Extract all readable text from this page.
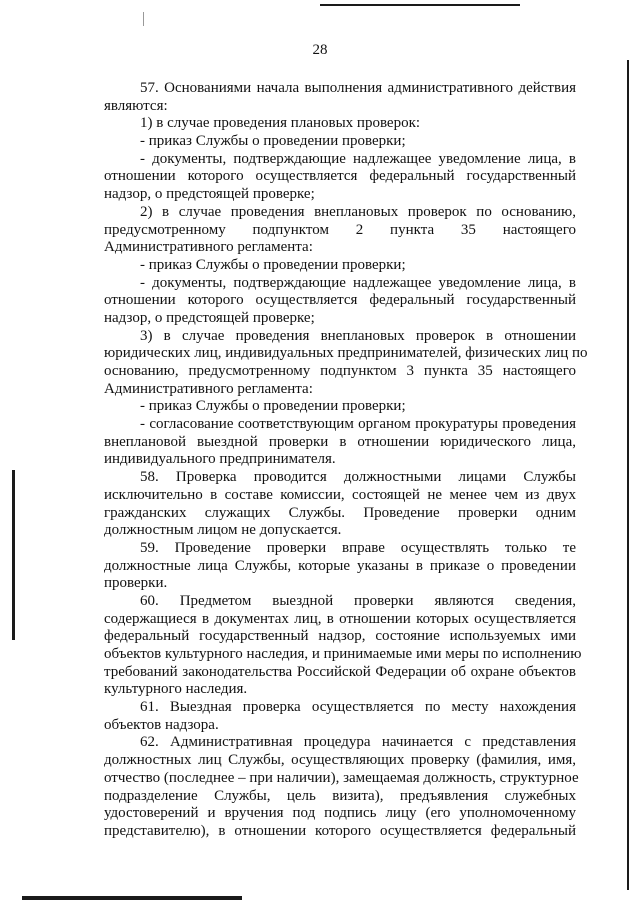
28
57. Основаниями начала выполнения административного действия
являются:
1) в случае проведения плановых проверок:
- приказ Службы о проведении проверки;
- документы, подтверждающие надлежащее уведомление лица, в
отношении которого осуществляется федеральный государственный
надзор, о предстоящей проверке;
2) в случае проведения внеплановых проверок по основанию,
предусмотренному подпунктом 2 пункта 35 настоящего
Административного регламента:
- приказ Службы о проведении проверки;
- документы, подтверждающие надлежащее уведомление лица, в
отношении которого осуществляется федеральный государственный
надзор, о предстоящей проверке;
3) в случае проведения внеплановых проверок в отношении
юридических лиц, индивидуальных предпринимателей, физических лиц по
основанию, предусмотренному подпунктом 3 пункта 35 настоящего
Административного регламента:
- приказ Службы о проведении проверки;
- согласование соответствующим органом прокуратуры проведения
внеплановой выездной проверки в отношении юридического лица,
индивидуального предпринимателя.
58. Проверка проводится должностными лицами Службы
исключительно в составе комиссии, состоящей не менее чем из двух
гражданских служащих Службы. Проведение проверки одним
должностным лицом не допускается.
59. Проведение проверки вправе осуществлять только те
должностные лица Службы, которые указаны в приказе о проведении
проверки.
60. Предметом выездной проверки являются сведения,
содержащиеся в документах лиц, в отношении которых осуществляется
федеральный государственный надзор, состояние используемых ими
объектов культурного наследия, и принимаемые ими меры по исполнению
требований законодательства Российской Федерации об охране объектов
культурного наследия.
61. Выездная проверка осуществляется по месту нахождения
объектов надзора.
62. Административная процедура начинается с представления
должностных лиц Службы, осуществляющих проверку (фамилия, имя,
отчество (последнее – при наличии), замещаемая должность, структурное
подразделение Службы, цель визита), предъявления служебных
удостоверений и вручения под подпись лицу (его уполномоченному
представителю), в отношении которого осуществляется федеральный
